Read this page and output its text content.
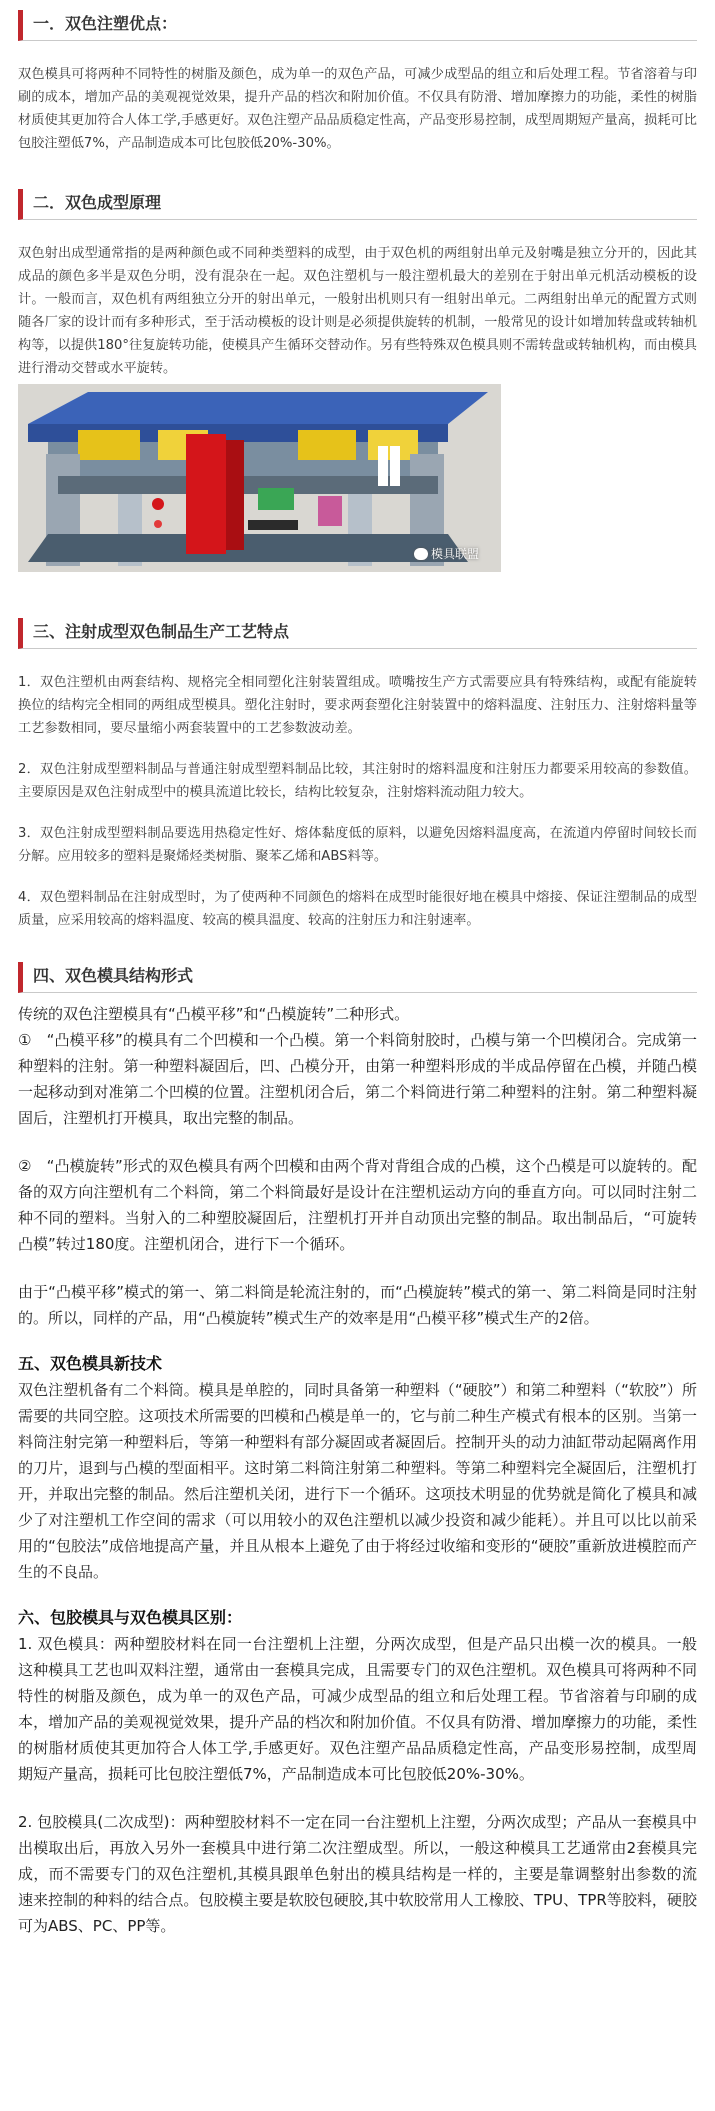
一．双色注塑优点：

双色模具可将两种不同特性的树脂及颜色，成为单一的双色产品，可减少成型品的组立和后处理工程。节省溶着与印刷的成本，增加产品的美观视觉效果，提升产品的档次和附加价值。不仅具有防滑、增加摩擦力的功能，柔性的树脂材质使其更加符合人体工学,手感更好。双色注塑产品品质稳定性高，产品变形易控制，成型周期短产量高，损耗可比包胶注塑低7%，产品制造成本可比包胶低20%-30%。

二．双色成型原理

双色射出成型通常指的是两种颜色或不同种类塑料的成型，由于双色机的两组射出单元及射嘴是独立分开的，因此其成品的颜色多半是双色分明，没有混杂在一起。双色注塑机与一般注塑机最大的差别在于射出单元机活动模板的设计。一般而言，双色机有两组独立分开的射出单元，一般射出机则只有一组射出单元。二两组射出单元的配置方式则随各厂家的设计而有多种形式，至于活动模板的设计则是必须提供旋转的机制，一般常见的设计如增加转盘或转轴机构等，以提供180°往复旋转功能，使模具产生循环交替动作。另有些特殊双色模具则不需转盘或转轴机构，而由模具进行滑动交替或水平旋转。

模具联盟
三、注射成型双色制品生产工艺特点

1．双色注塑机由两套结构、规格完全相同塑化注射装置组成。喷嘴按生产方式需要应具有特殊结构，或配有能旋转换位的结构完全相同的两组成型模具。塑化注射时，要求两套塑化注射装置中的熔料温度、注射压力、注射熔料量等工艺参数相同，要尽量缩小两套装置中的工艺参数波动差。

2．双色注射成型塑料制品与普通注射成型塑料制品比较，其注射时的熔料温度和注射压力都要采用较高的参数值。主要原因是双色注射成型中的模具流道比较长，结构比较复杂，注射熔料流动阻力较大。

3．双色注射成型塑料制品要选用热稳定性好、熔体黏度低的原料，以避免因熔料温度高，在流道内停留时间较长而分解。应用较多的塑料是聚烯烃类树脂、聚苯乙烯和ABS料等。

4．双色塑料制品在注射成型时，为了使两种不同颜色的熔料在成型时能很好地在模具中熔接、保证注塑制品的成型质量，应采用较高的熔料温度、较高的模具温度、较高的注射压力和注射速率。

四、双色模具结构形式

传统的双色注塑模具有“凸模平移”和“凸模旋转”二种形式。

①　“凸模平移”的模具有二个凹模和一个凸模。第一个料筒射胶时，凸模与第一个凹模闭合。完成第一种塑料的注射。第一种塑料凝固后，凹、凸模分开，由第一种塑料形成的半成品停留在凸模，并随凸模一起移动到对准第二个凹模的位置。注塑机闭合后，第二个料筒进行第二种塑料的注射。第二种塑料凝固后，注塑机打开模具，取出完整的制品。

②　“凸模旋转”形式的双色模具有两个凹模和由两个背对背组合成的凸模，这个凸模是可以旋转的。配备的双方向注塑机有二个料筒，第二个料筒最好是设计在注塑机运动方向的垂直方向。可以同时注射二种不同的塑料。当射入的二种塑胶凝固后，注塑机打开并自动顶出完整的制品。取出制品后，“可旋转凸模”转过180度。注塑机闭合，进行下一个循环。

由于“凸模平移”模式的第一、第二料筒是轮流注射的，而“凸模旋转”模式的第一、第二料筒是同时注射的。所以，同样的产品，用“凸模旋转”模式生产的效率是用“凸模平移”模式生产的2倍。

五、双色模具新技术

双色注塑机备有二个料筒。模具是单腔的，同时具备第一种塑料（“硬胶”）和第二种塑料（“软胶”）所需要的共同空腔。这项技术所需要的凹模和凸模是单一的，它与前二种生产模式有根本的区别。当第一料筒注射完第一种塑料后，等第一种塑料有部分凝固或者凝固后。控制开头的动力油缸带动起隔离作用的刀片，退到与凸模的型面相平。这时第二料筒注射第二种塑料。等第二种塑料完全凝固后，注塑机打开，并取出完整的制品。然后注塑机关闭，进行下一个循环。这项技术明显的优势就是简化了模具和减少了对注塑机工作空间的需求（可以用较小的双色注塑机以减少投资和减少能耗）。并且可以比以前采用的“包胶法”成倍地提高产量，并且从根本上避免了由于将经过收缩和变形的“硬胶”重新放进模腔而产生的不良品。

六、包胶模具与双色模具区别：

1. 双色模具：两种塑胶材料在同一台注塑机上注塑，分两次成型，但是产品只出模一次的模具。一般这种模具工艺也叫双料注塑，通常由一套模具完成，且需要专门的双色注塑机。双色模具可将两种不同特性的树脂及颜色，成为单一的双色产品，可减少成型品的组立和后处理工程。节省溶着与印刷的成本，增加产品的美观视觉效果，提升产品的档次和附加价值。不仅具有防滑、增加摩擦力的功能，柔性的树脂材质使其更加符合人体工学,手感更好。双色注塑产品品质稳定性高，产品变形易控制，成型周期短产量高，损耗可比包胶注塑低7%，产品制造成本可比包胶低20%-30%。

2. 包胶模具(二次成型)：两种塑胶材料不一定在同一台注塑机上注塑，分两次成型；产品从一套模具中出模取出后，再放入另外一套模具中进行第二次注塑成型。所以，一般这种模具工艺通常由2套模具完成，而不需要专门的双色注塑机,其模具跟单色射出的模具结构是一样的，主要是靠调整射出参数的流速来控制的种料的结合点。包胶模主要是软胶包硬胶,其中软胶常用人工橡胶、TPU、TPR等胶料，硬胶可为ABS、PC、PP等。
